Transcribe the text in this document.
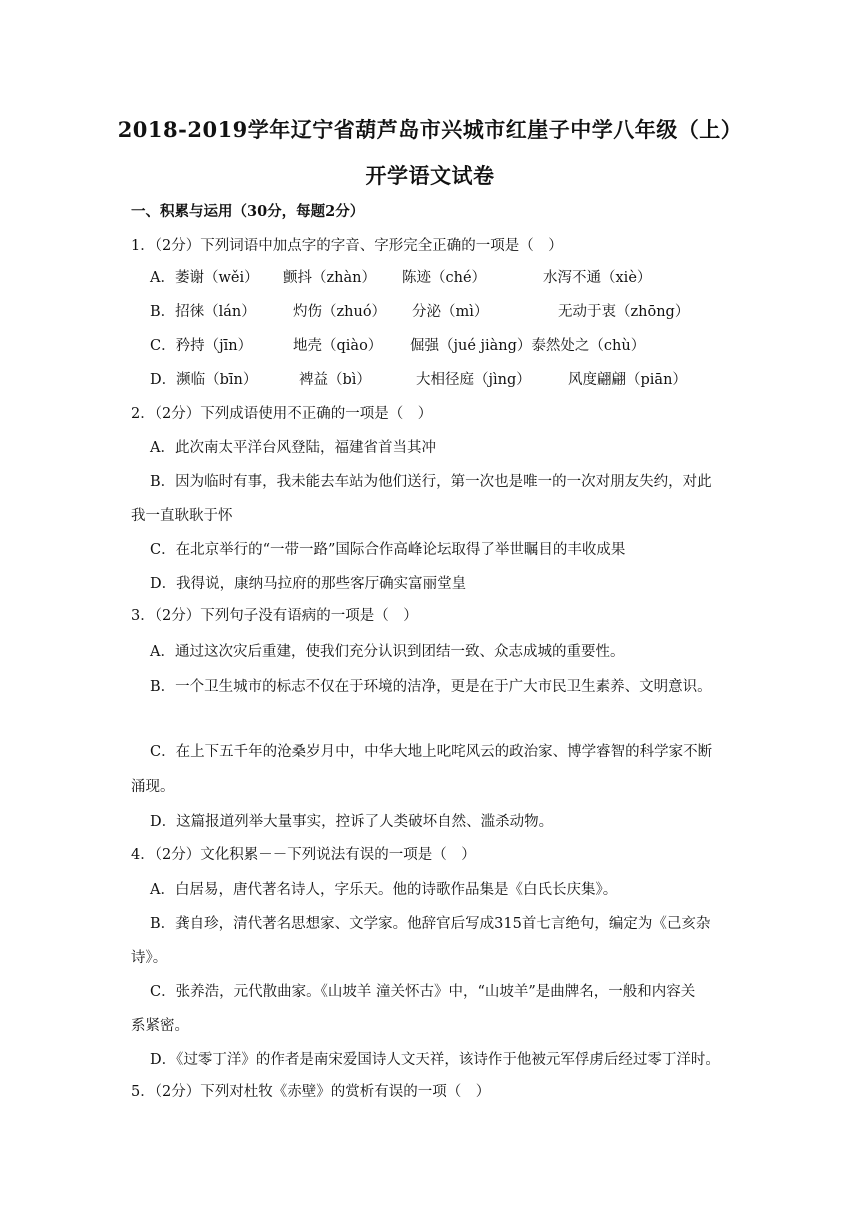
2018-2019学年辽宁省葫芦岛市兴城市红崖子中学八年级（上）
开学语文试卷
一、积累与运用（30分，每题2分）
1．（2分）下列词语中加点字的字音、字形完全正确的一项是（　）
A．萎谢（wěi） 颤抖（zhàn） 陈迹（ché）	水泻不通（xiè）
B．招徕（lán）	灼伤（zhuó） 分泌（mì）	无动于衷（zhōng）
C．矜持（jīn）	地壳（qiào） 倔强（jué jiàng）泰然处之（chù）
D．濒临（bīn）	裨益（bì）	大相径庭（jìng）	风度翩翩（piān）
2．（2分）下列成语使用不正确的一项是（　）
A．此次南太平洋台风登陆，福建省首当其冲
B．因为临时有事，我未能去车站为他们送行，第一次也是唯一的一次对朋友失约，对此
我一直耿耿于怀
C．在北京举行的“一带一路”国际合作高峰论坛取得了举世瞩目的丰收成果
D．我得说，康纳马拉府的那些客厅确实富丽堂皇
3．（2分）下列句子没有语病的一项是（　）
A．通过这次灾后重建，使我们充分认识到团结一致、众志成城的重要性。
B．一个卫生城市的标志不仅在于环境的洁净，更是在于广大市民卫生素养、文明意识。
C．在上下五千年的沧桑岁月中，中华大地上叱咤风云的政治家、博学睿智的科学家不断
涌现。
D．这篇报道列举大量事实，控诉了人类破坏自然、滥杀动物。
4．（2分）文化积累－－下列说法有误的一项是（　）
A．白居易，唐代著名诗人，字乐天。他的诗歌作品集是《白氏长庆集》。
B．龚自珍，清代著名思想家、文学家。他辞官后写成315首七言绝句，编定为《己亥杂
诗》。
C．张养浩，元代散曲家。《山坡羊 潼关怀古》中，“山坡羊”是曲牌名，一般和内容关
系紧密。
D．《过零丁洋》的作者是南宋爱国诗人文天祥，该诗作于他被元军俘虏后经过零丁洋时。
5．（2分）下列对杜牧《赤壁》的赏析有误的一项（　）
